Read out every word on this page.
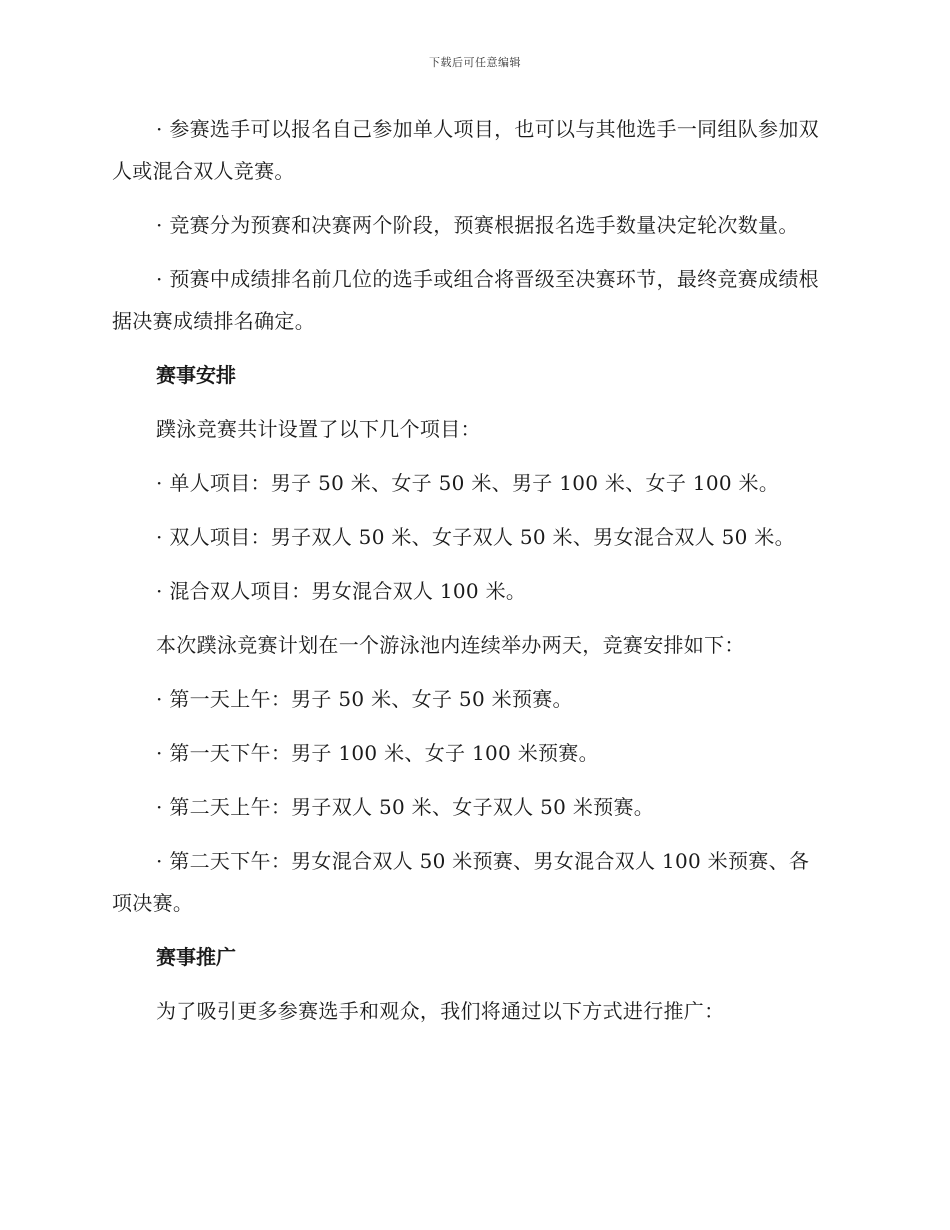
下载后可任意编辑

· 参赛选手可以报名自己参加单人项目，也可以与其他选手一同组队参加双人或混合双人竞赛。

· 竞赛分为预赛和决赛两个阶段，预赛根据报名选手数量决定轮次数量。

· 预赛中成绩排名前几位的选手或组合将晋级至决赛环节，最终竞赛成绩根据决赛成绩排名确定。

赛事安排

蹼泳竞赛共计设置了以下几个项目：

· 单人项目：男子 50 米、女子 50 米、男子 100 米、女子 100 米。

· 双人项目：男子双人 50 米、女子双人 50 米、男女混合双人 50 米。

· 混合双人项目：男女混合双人 100 米。

本次蹼泳竞赛计划在一个游泳池内连续举办两天，竞赛安排如下：

· 第一天上午：男子 50 米、女子 50 米预赛。

· 第一天下午：男子 100 米、女子 100 米预赛。

· 第二天上午：男子双人 50 米、女子双人 50 米预赛。

· 第二天下午：男女混合双人 50 米预赛、男女混合双人 100 米预赛、各项决赛。

赛事推广

为了吸引更多参赛选手和观众，我们将通过以下方式进行推广：
